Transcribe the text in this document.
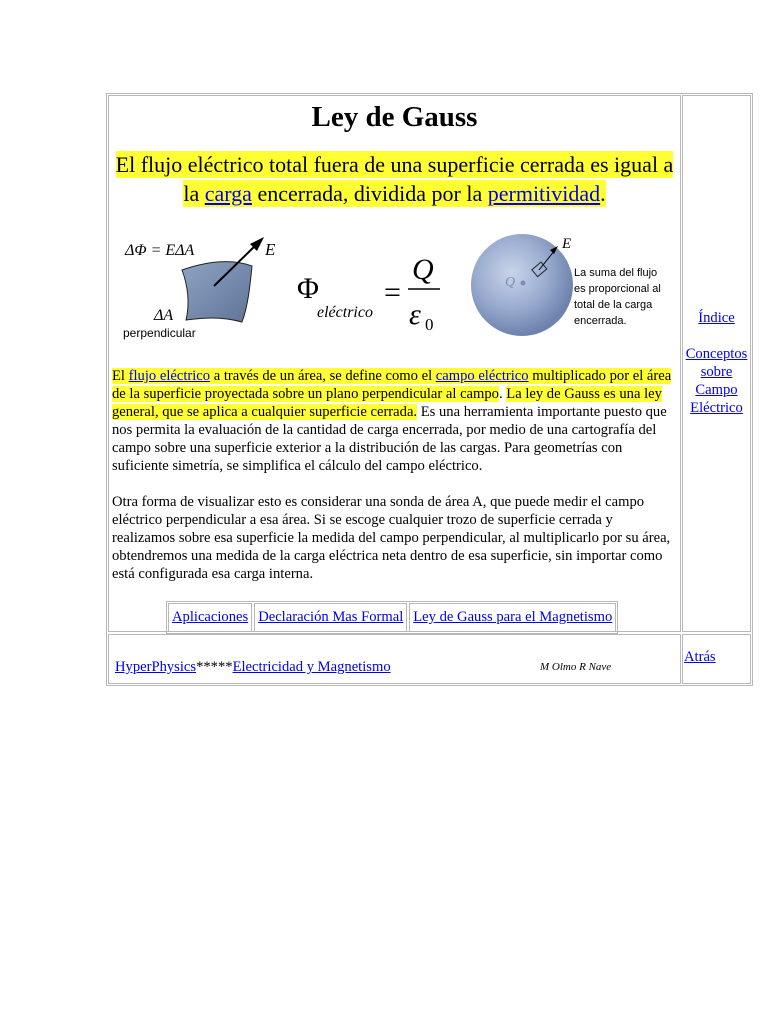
Ley de Gauss

El flujo eléctrico total fuera de una superficie cerrada es igual a la carga encerrada, dividida por la permitividad.

ΔΦ = EΔA	E
ΔA
perpendicular
Φ
eléctrico
=
Q
ε 0
Q
E
La suma del flujo
es proporcional al
total de la carga
encerrada.

El flujo eléctrico a través de un área, se define como el campo eléctrico multiplicado por el área de la superficie proyectada sobre un plano perpendicular al campo. La ley de Gauss es una ley general, que se aplica a cualquier superficie cerrada. Es una herramienta importante puesto que nos permita la evaluación de la cantidad de carga encerrada, por medio de una cartografía del campo sobre una superficie exterior a la distribución de las cargas. Para geometrías con suficiente simetría, se simplifica el cálculo del campo eléctrico.

Otra forma de visualizar esto es considerar una sonda de área A, que puede medir el campo eléctrico perpendicular a esa área. Si se escoge cualquier trozo de superficie cerrada y realizamos sobre esa superficie la medida del campo perpendicular, al multiplicarlo por su área, obtendremos una medida de la carga eléctrica neta dentro de esa superficie, sin importar como está configurada esa carga interna.

Aplicaciones Declaración Mas Formal Ley de Gauss para el Magnetismo
Índice
Conceptos
sobre
Campo
Eléctrico
HyperPhysics*****Electricidad y Magnetismo	M Olmo R Nave
Atrás
